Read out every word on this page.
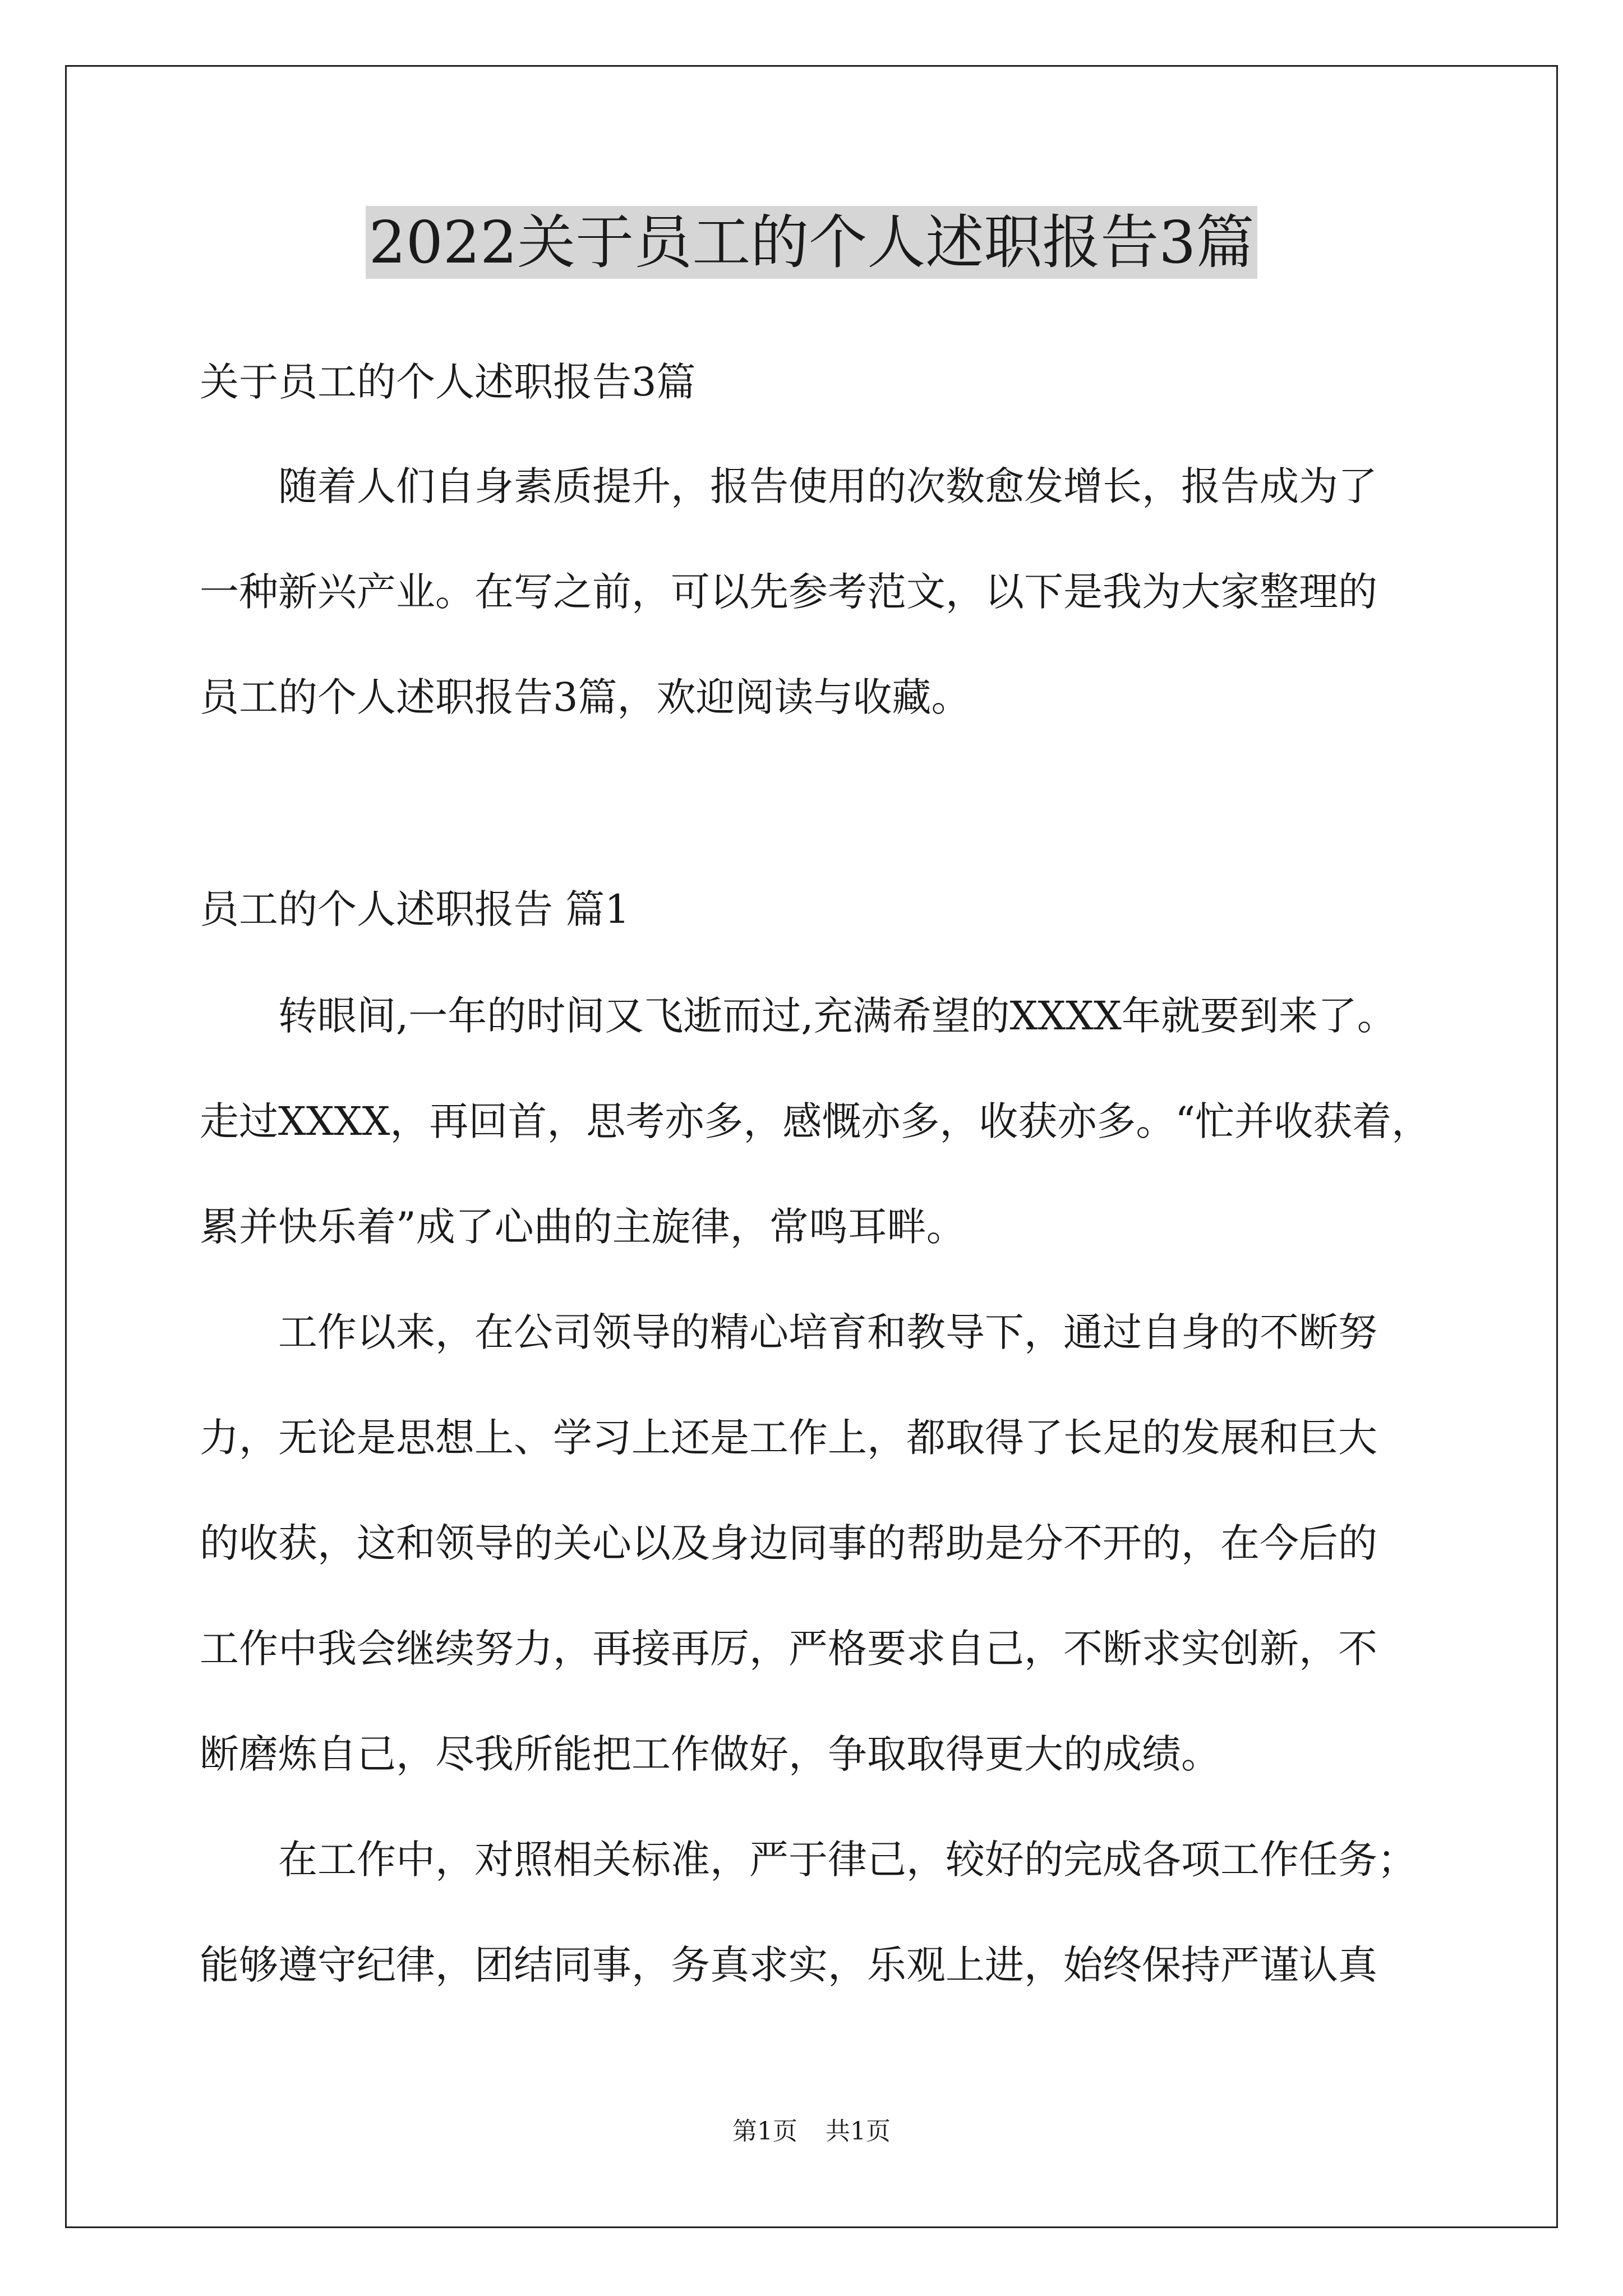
2022关于员工的个人述职报告3篇
关于员工的个人述职报告3篇
随着人们自身素质提升，报告使用的次数愈发增长，报告成为了
一种新兴产业。在写之前，可以先参考范文，以下是我为大家整理的
员工的个人述职报告3篇，欢迎阅读与收藏。
员工的个人述职报告 篇1
转眼间,一年的时间又飞逝而过,充满希望的XXXX年就要到来了。
走过XXXX，再回首，思考亦多，感慨亦多，收获亦多。“忙并收获着，
累并快乐着”成了心曲的主旋律，常鸣耳畔。
工作以来，在公司领导的精心培育和教导下，通过自身的不断努
力，无论是思想上、学习上还是工作上，都取得了长足的发展和巨大
的收获，这和领导的关心以及身边同事的帮助是分不开的，在今后的
工作中我会继续努力，再接再厉，严格要求自己，不断求实创新，不
断磨炼自己，尽我所能把工作做好，争取取得更大的成绩。
在工作中，对照相关标准，严于律己，较好的完成各项工作任务；
能够遵守纪律，团结同事，务真求实，乐观上进，始终保持严谨认真
第1页 共1页
